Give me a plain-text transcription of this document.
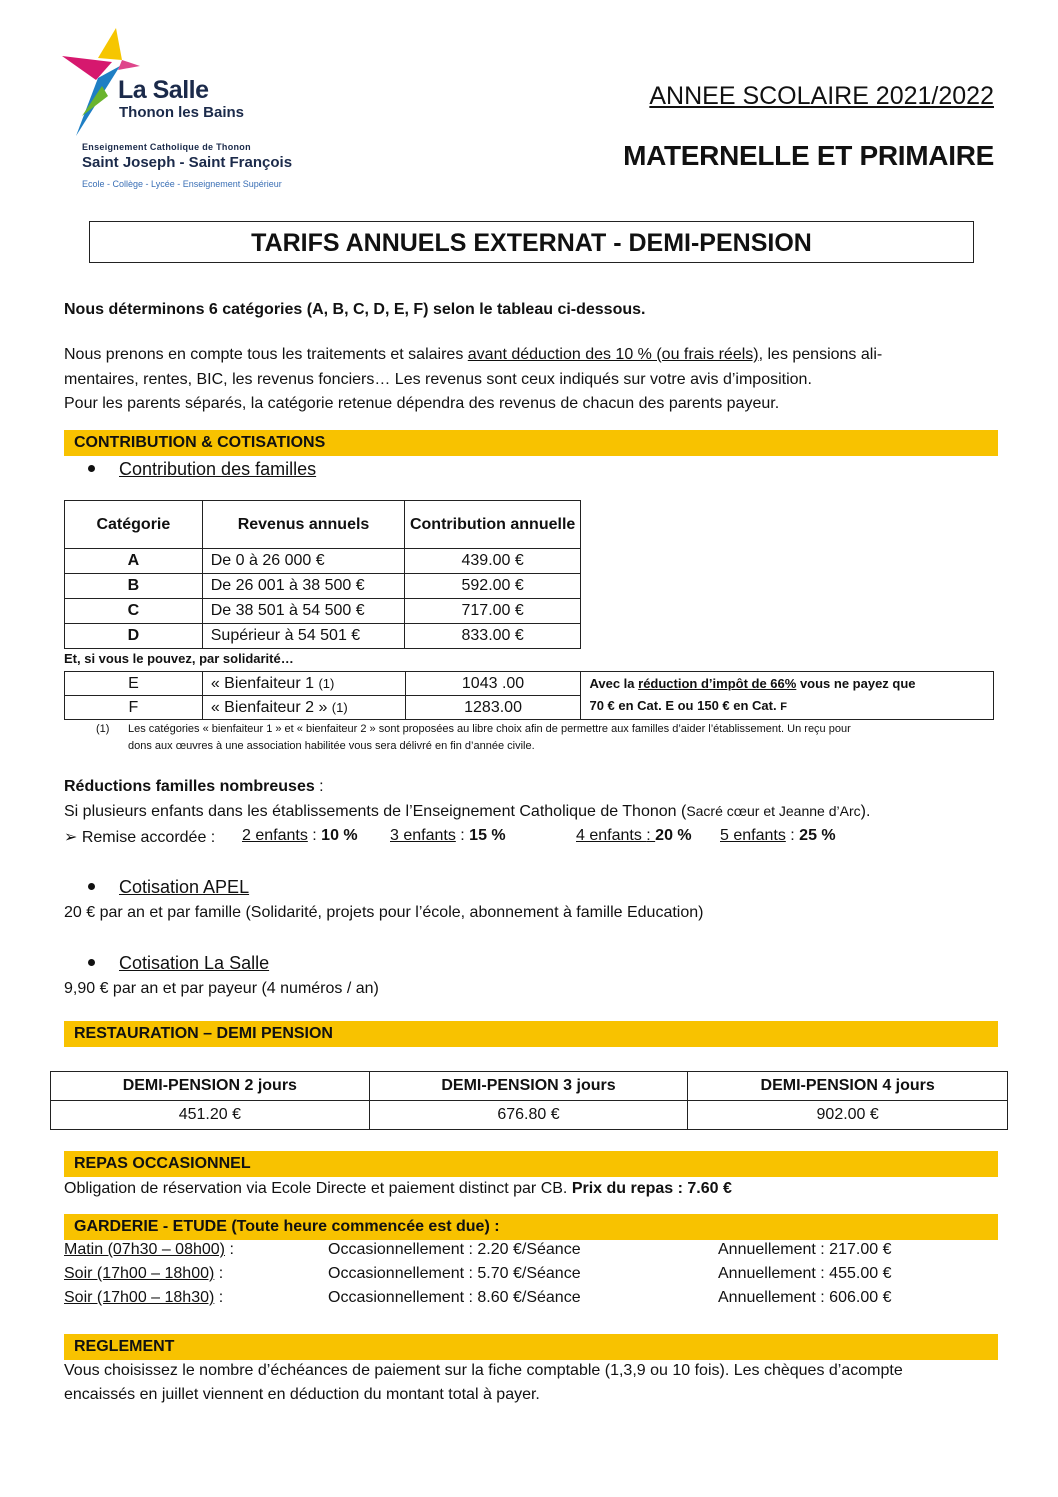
La Salle
Thonon les Bains
Enseignement Catholique de Thonon
Saint Joseph - Saint François
Ecole - Collège - Lycée - Enseignement Supérieur
ANNEE SCOLAIRE 2021/2022
MATERNELLE ET PRIMAIRE
TARIFS ANNUELS EXTERNAT - DEMI-PENSION
Nous déterminons 6 catégories (A, B, C, D, E, F) selon le tableau ci-dessous.
Nous prenons en compte tous les traitements et salaires avant déduction des 10 % (ou frais réels), les pensions ali-
mentaires, rentes, BIC, les revenus fonciers… Les revenus sont ceux indiqués sur votre avis d’imposition.
Pour les parents séparés, la catégorie retenue dépendra des revenus de chacun des parents payeur.
CONTRIBUTION & COTISATIONS
Contribution des familles
Catégorie	Revenus annuels	Contribution annuelle
A	De 0 à 26 000 €	439.00 €
B	De 26 001 à 38 500 €	592.00 €
C	De 38 501 à 54 500 €	717.00 €
D	Supérieur à 54 501 €	833.00 €
Et, si vous le pouvez, par solidarité…
E	« Bienfaiteur 1 (1)	1043 .00	Avec la réduction d’impôt de 66% vous ne payez que
70 € en Cat. E ou 150 € en Cat. F

F	« Bienfaiteur 2 » (1)	1283.00	
(1) Les catégories « bienfaiteur 1 » et « bienfaiteur 2 » sont proposées au libre choix afin de permettre aux familles d’aider l’établissement. Un reçu pour
dons aux œuvres à une association habilitée vous sera délivré en fin d’année civile.
Réductions familles nombreuses :
Si plusieurs enfants dans les établissements de l’Enseignement Catholique de Thonon (Sacré cœur et Jeanne d’Arc).
➢ Remise accordée : 2 enfants : 10 % 3 enfants : 15 %	4 enfants : 20 % 5 enfants : 25 %
Cotisation APEL
20 € par an et par famille (Solidarité, projets pour l’école, abonnement à famille Education)
Cotisation La Salle
9,90 € par an et par payeur (4 numéros / an)
RESTAURATION – DEMI PENSION
DEMI-PENSION 2 jours	DEMI-PENSION 3 jours	DEMI-PENSION 4 jours
451.20 €	676.80 €	902.00 €
REPAS OCCASIONNEL
Obligation de réservation via Ecole Directe et paiement distinct par CB. Prix du repas : 7.60 €
GARDERIE - ETUDE (Toute heure commencée est due) :
Matin (07h30 – 08h00) :	Occasionnellement : 2.20 €/Séance	Annuellement : 217.00 €
Soir (17h00 – 18h00) :	Occasionnellement : 5.70 €/Séance	Annuellement : 455.00 €
Soir (17h00 – 18h30) :	Occasionnellement : 8.60 €/Séance	Annuellement : 606.00 €
REGLEMENT
Vous choisissez le nombre d’échéances de paiement sur la fiche comptable (1,3,9 ou 10 fois). Les chèques d’acompte
encaissés en juillet viennent en déduction du montant total à payer.
